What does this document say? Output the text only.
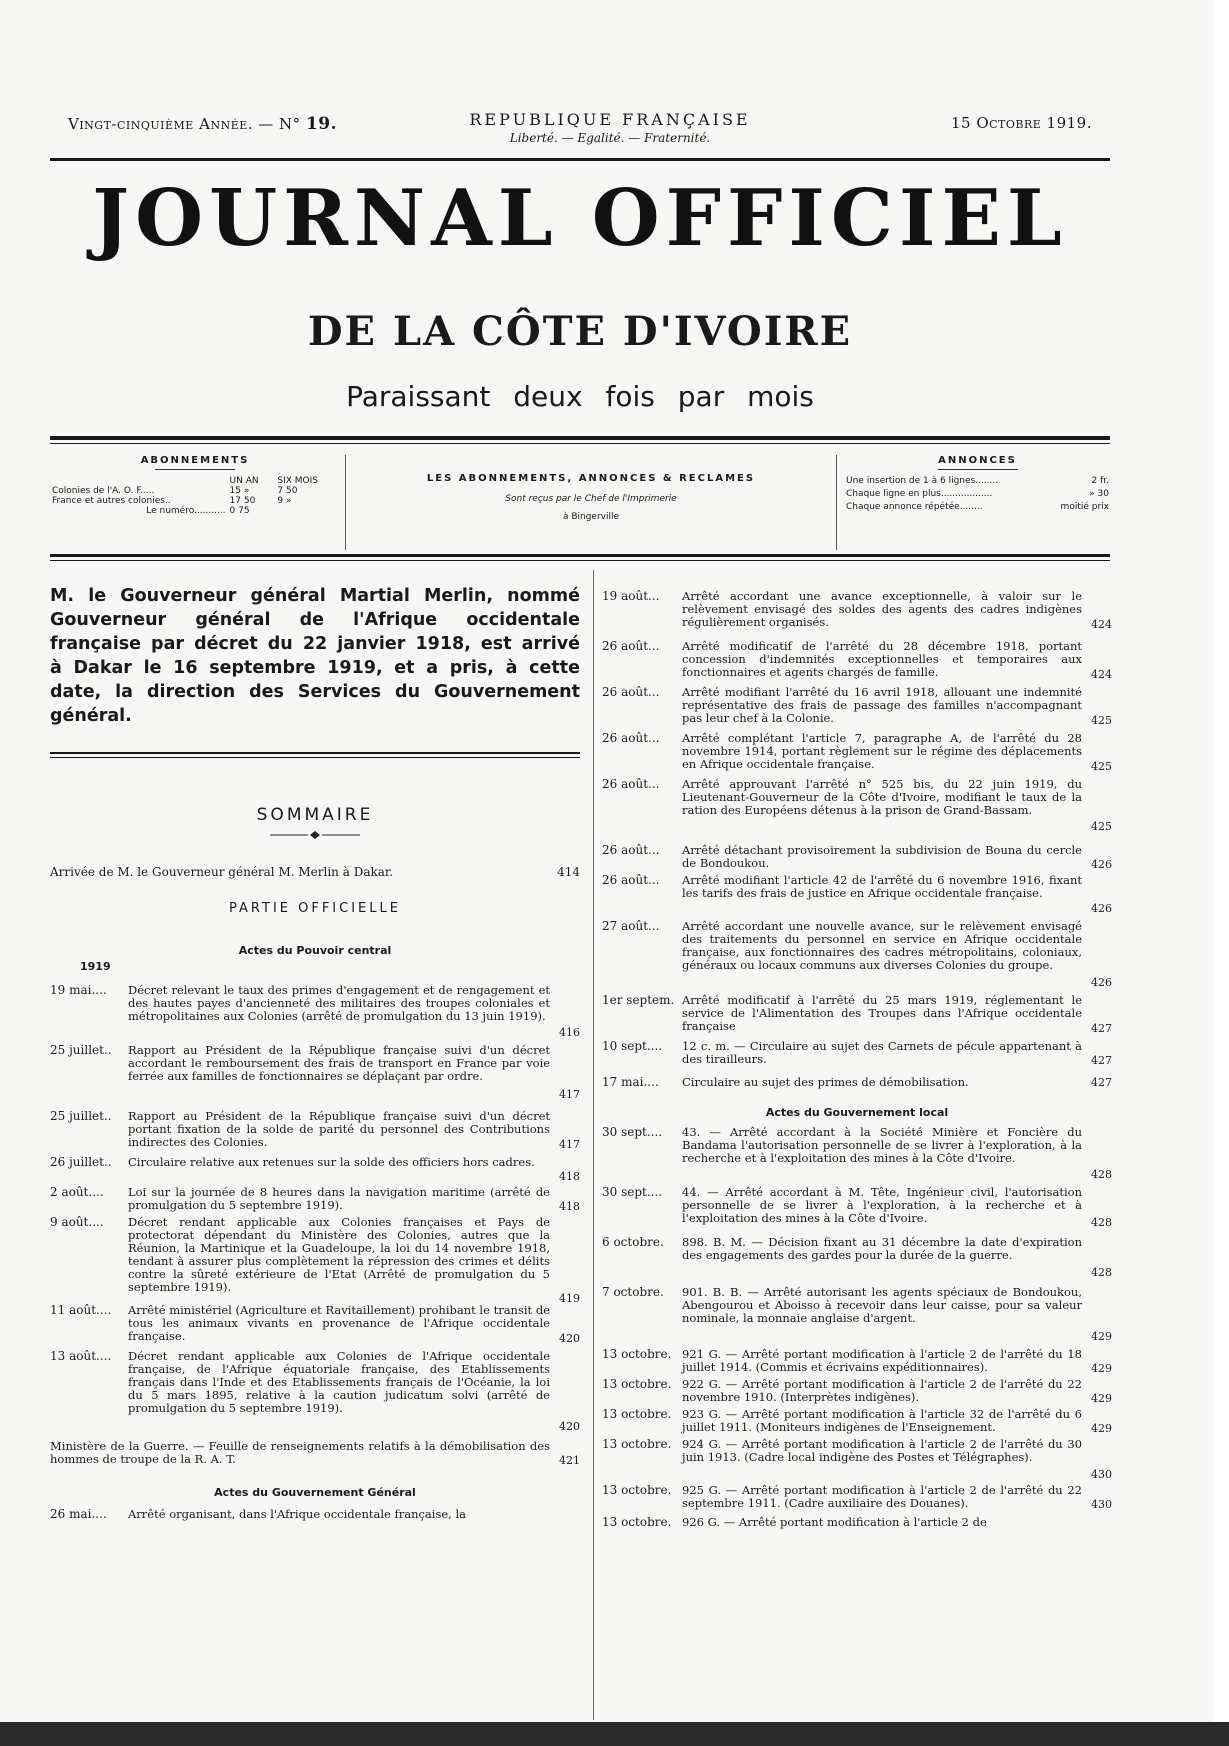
Vingt-cinquième Année. — N° 19.	REPUBLIQUE FRANÇAISE
Liberté. — Egalité. — Fraternité.
15 Octobre 1919.
JOURNAL OFFICIEL
DE LA CÔTE D'IVOIRE
Paraissant deux fois par mois
ABONNEMENTS
	UN AN	SIX MOIS
Colonies de l'A. O. F.....	15 »	7 50
France et autres colonies..	17 50	9 »
Le numéro...........	0 75	
LES ABONNEMENTS, ANNONCES & RECLAMES
Sont reçus par le Chef de l'Imprimerie
à Bingerville
ANNONCES
Une insertion de 1 à 6 lignes........	2 fr.
Chaque ligne en plus..................	» 30
Chaque annonce répétée........	moitié prix
M. le Gouverneur général Martial Merlin, nommé Gouverneur général de l'Afrique occidentale française par décret du 22 janvier 1918, est arrivé à Dakar le 16 septembre 1919, et a pris, à cette date, la direction des Services du Gouvernement général.
SOMMAIRE
Arrivée de M. le Gouverneur général M. Merlin à Dakar.	414
PARTIE OFFICIELLE
Actes du Pouvoir central
1919
19 mai.... Décret relevant le taux des primes d'engagement et de rengagement et des hautes payes d'ancienneté des militaires des troupes coloniales et métropolitaines aux Colonies (arrêté de promulgation du 13 juin 1919).
416
25 juillet.. Rapport au Président de la République française suivi d'un décret accordant le remboursement des frais de transport en France par voie ferrée aux familles de fonctionnaires se déplaçant par ordre.
417
25 juillet.. Rapport au Président de la République française suivi d'un décret portant fixation de la solde de parité du personnel des Contributions indirectes des Colonies.	417
26 juillet.. Circulaire relative aux retenues sur la solde des officiers hors cadres.
418
2 août.... Loi sur la journée de 8 heures dans la navigation maritime (arrêté de promulgation du 5 septembre 1919).	418
9 août.... Décret rendant applicable aux Colonies françaises et Pays de protectorat dépendant du Ministère des Colonies, autres que la Réunion, la Martinique et la Guadeloupe, la loi du 14 novembre 1918, tendant à assurer plus complètement la répression des crimes et délits contre la sûreté extérieure de l'Etat (Arrêté de promulgation du 5 septembre 1919).
419
11 août.... Arrêté ministériel (Agriculture et Ravitaillement) prohibant le transit de tous les animaux vivants en provenance de l'Afrique occidentale française.	420
13 août.... Décret rendant applicable aux Colonies de l'Afrique occidentale française, de l'Afrique équatoriale française, des Etablissements français dans l'Inde et des Etablissements français de l'Océanie, la loi du 5 mars 1895, relative à la caution judicatum solvi (arrêté de promulgation du 5 septembre 1919).
420
Ministère de la Guerre. — Feuille de renseignements relatifs à la démobilisation des hommes de troupe de la R. A. T.	421
Actes du Gouvernement Général
26 mai.... Arrêté organisant, dans l'Afrique occidentale française, la
19 août... Arrêté accordant une avance exceptionnelle, à valoir sur le relèvement envisagé des soldes des agents des cadres indigènes régulièrement organisés.	424
26 août... Arrêté modificatif de l'arrêté du 28 décembre 1918, portant concession d'indemnités exceptionnelles et temporaires aux fonctionnaires et agents chargés de famille.	424
26 août... Arrêté modifiant l'arrêté du 16 avril 1918, allouant une indemnité représentative des frais de passage des familles n'accompagnant pas leur chef à la Colonie.	425
26 août... Arrêté complétant l'article 7, paragraphe A, de l'arrêté du 28 novembre 1914, portant règlement sur le régime des déplacements en Afrique occidentale française.	425
26 août... Arrêté approuvant l'arrêté n° 525 bis, du 22 juin 1919, du Lieutenant-Gouverneur de la Côte d'Ivoire, modifiant le taux de la ration des Européens détenus à la prison de Grand-Bassam.
425
26 août... Arrêté détachant provisoirement la subdivision de Bouna du cercle de Bondoukou.	426
26 août... Arrêté modifiant l'article 42 de l'arrêté du 6 novembre 1916, fixant les tarifs des frais de justice en Afrique occidentale française.
426
27 août... Arrêté accordant une nouvelle avance, sur le relèvement envisagé des traitements du personnel en service en Afrique occidentale française, aux fonctionnaires des cadres métropolitains, coloniaux, généraux ou locaux communs aux diverses Colonies du groupe.
426
1er septem. Arrêté modificatif à l'arrêté du 25 mars 1919, réglementant le service de l'Alimentation des Troupes dans l'Afrique occidentale française	427
10 sept.... 12 c. m. — Circulaire au sujet des Carnets de pécule appartenant à des tirailleurs.	427
17 mai.... Circulaire au sujet des primes de démobilisation.	427
Actes du Gouvernement local
30 sept.... 43. — Arrêté accordant à la Société Minière et Foncière du Bandama l'autorisation personnelle de se livrer à l'exploration, à la recherche et à l'exploitation des mines à la Côte d'Ivoire.
428
30 sept.... 44. — Arrêté accordant à M. Tête, Ingénieur civil, l'autorisation personnelle de se livrer à l'exploration, à la recherche et à l'exploitation des mines à la Côte d'Ivoire.	428
6 octobre. 898. B. M. — Décision fixant au 31 décembre la date d'expiration des engagements des gardes pour la durée de la guerre.
428
7 octobre. 901. B. B. — Arrêté autorisant les agents spéciaux de Bondoukou, Abengourou et Aboisso à recevoir dans leur caisse, pour sa valeur nominale, la monnaie anglaise d'argent.
429
13 octobre. 921 G. — Arrêté portant modification à l'article 2 de l'arrêté du 18 juillet 1914. (Commis et écrivains expéditionnaires).	429
13 octobre. 922 G. — Arrêté portant modification à l'article 2 de l'arrêté du 22 novembre 1910. (Interprètes indigènes).	429
13 octobre. 923 G. — Arrêté portant modification à l'article 32 de l'arrêté du 6 juillet 1911. (Moniteurs indigènes de l'Enseignement.	429
13 octobre. 924 G. — Arrêté portant modification à l'article 2 de l'arrêté du 30 juin 1913. (Cadre local indigène des Postes et Télégraphes).
430
13 octobre. 925 G. — Arrêté portant modification à l'article 2 de l'arrêté du 22 septembre 1911. (Cadre auxiliaire des Douanes).	430
13 octobre. 926 G. — Arrêté portant modification à l'article 2 de
